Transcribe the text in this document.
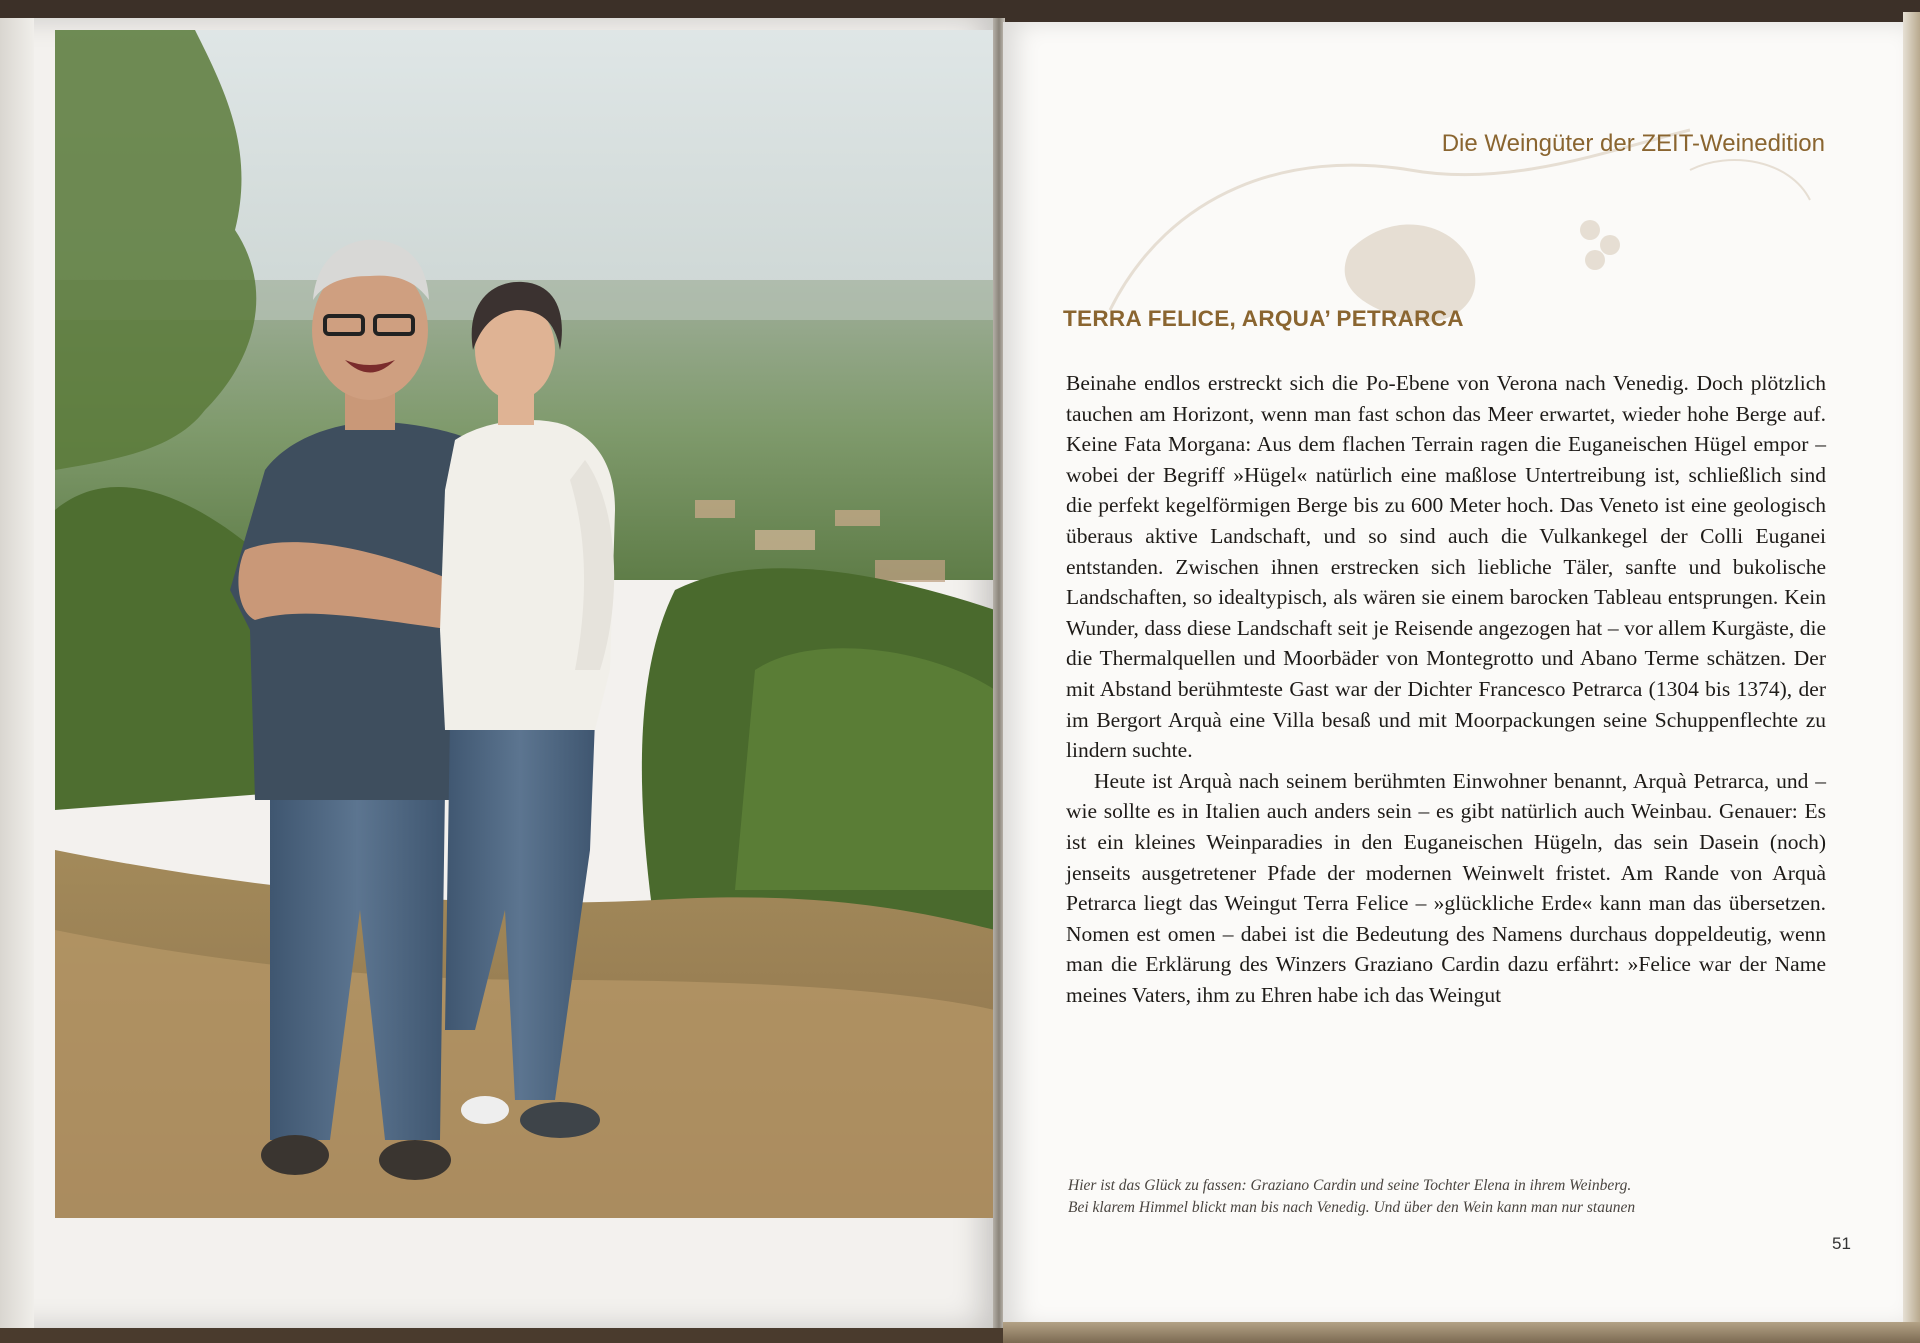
Die Weingüter der ZEIT-Weinedition
TERRA FELICE, ARQUA’ PETRARCA

Beinahe endlos erstreckt sich die Po-Ebene von Verona nach Venedig. Doch plötzlich tauchen am Horizont, wenn man fast schon das Meer erwartet, wieder hohe Berge auf. Keine Fata Morgana: Aus dem flachen Terrain ragen die Euganeischen Hügel empor – wobei der Begriff »Hügel« natürlich eine maßlose Untertreibung ist, schließlich sind die perfekt kegelförmigen Berge bis zu 600 Meter hoch. Das Veneto ist eine geologisch überaus aktive Landschaft, und so sind auch die Vulkankegel der Colli Euganei entstanden. Zwischen ihnen erstrecken sich liebliche Täler, sanfte und bukolische Landschaften, so idealtypisch, als wären sie einem barocken Tableau entsprungen. Kein Wunder, dass diese Landschaft seit je Reisende angezogen hat – vor allem Kurgäste, die die Thermalquellen und Moorbäder von Montegrotto und Abano Terme schätzen. Der mit Abstand berühmteste Gast war der Dichter Francesco Petrarca (1304 bis 1374), der im Bergort Arquà eine Villa besaß und mit Moorpackungen seine Schuppenflechte zu lindern suchte.

Heute ist Arquà nach seinem berühmten Einwohner benannt, Arquà Petrarca, und – wie sollte es in Italien auch anders sein – es gibt natürlich auch Weinbau. Genauer: Es ist ein kleines Weinparadies in den Euganeischen Hügeln, das sein Dasein (noch) jenseits ausgetretener Pfade der modernen Weinwelt fristet. Am Rande von Arquà Petrarca liegt das Weingut Terra Felice – »glückliche Erde« kann man das übersetzen. Nomen est omen – dabei ist die Bedeutung des Namens durchaus doppeldeutig, wenn man die Erklärung des Winzers Graziano Cardin dazu erfährt: »Felice war der Name meines Vaters, ihm zu Ehren habe ich das Weingut

Hier ist das Glück zu fassen: Graziano Cardin und seine Tochter Elena in ihrem Weinberg.
Bei klarem Himmel blickt man bis nach Venedig. Und über den Wein kann man nur staunen
51
